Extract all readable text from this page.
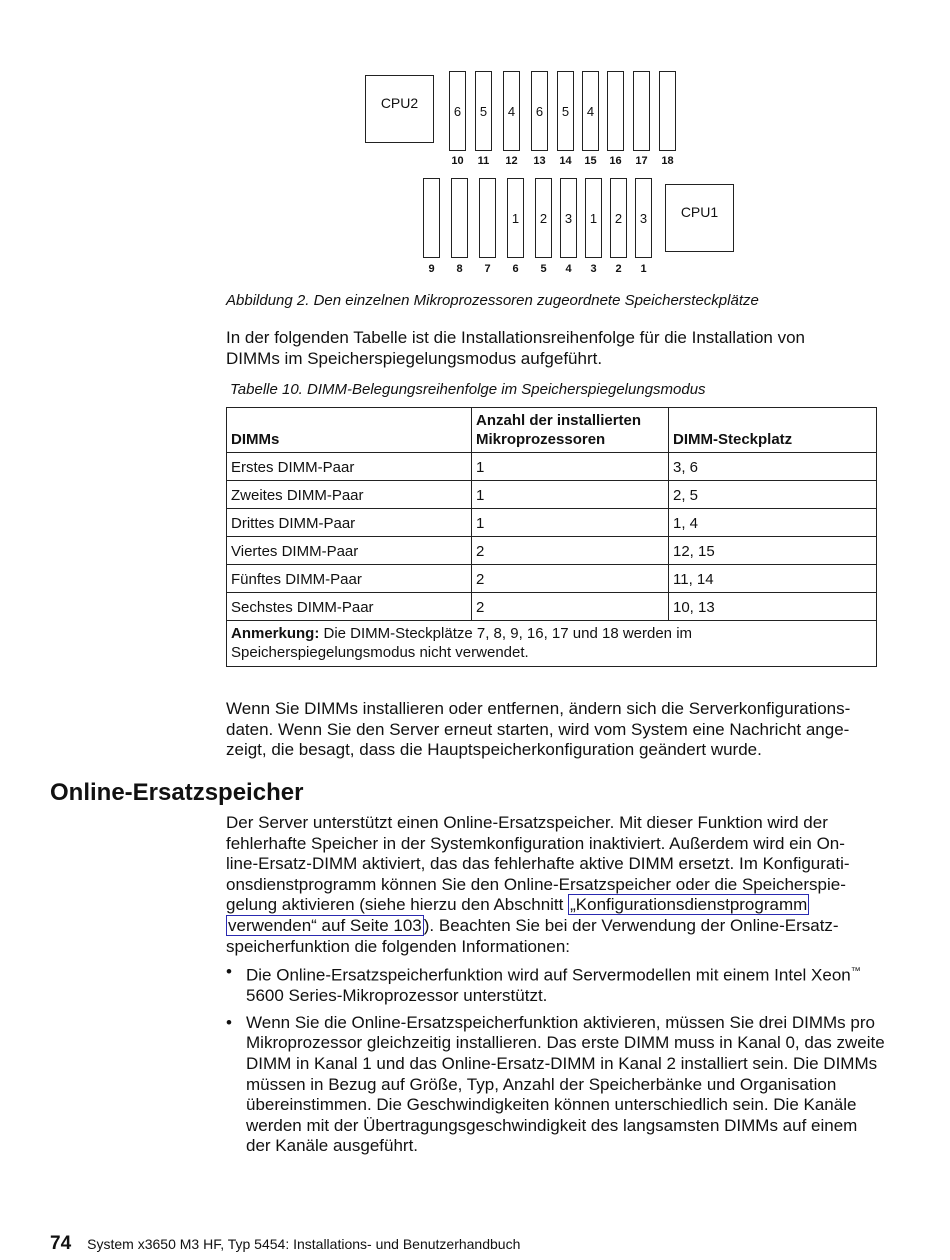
CPU2
CPU1
6
10
5
11
4
12
6
13
5
14
4
15	16	17	18
9	8	7
1
6
2
5
3
4
1
3
2
2
3
1
Abbildung 2. Den einzelnen Mikroprozessoren zugeordnete Speichersteckplätze
In der folgenden Tabelle ist die Installationsreihenfolge für die Installation von DIMMs im Speicherspiegelungsmodus aufgeführt.
Tabelle 10. DIMM-Belegungsreihenfolge im Speicherspiegelungsmodus
DIMMs	Anzahl der installierten Mikroprozessoren	DIMM-Steckplatz
Erstes DIMM-Paar	1	3, 6
Zweites DIMM-Paar	1	2, 5
Drittes DIMM-Paar	1	1, 4
Viertes DIMM-Paar	2	12, 15
Fünftes DIMM-Paar	2	11, 14
Sechstes DIMM-Paar	2	10, 13
Anmerkung: Die DIMM-Steckplätze 7, 8, 9, 16, 17 und 18 werden im Speicherspiegelungsmodus nicht verwendet.		
Wenn Sie DIMMs installieren oder entfernen, ändern sich die Serverkonfigurations-daten. Wenn Sie den Server erneut starten, wird vom System eine Nachricht ange-zeigt, die besagt, dass die Hauptspeicherkonfiguration geändert wurde.
Online-Ersatzspeicher
Der Server unterstützt einen Online-Ersatzspeicher. Mit dieser Funktion wird der fehlerhafte Speicher in der Systemkonfiguration inaktiviert. Außerdem wird ein On-line-Ersatz-DIMM aktiviert, das das fehlerhafte aktive DIMM ersetzt. Im Konfigurati-onsdienstprogramm können Sie den Online-Ersatzspeicher oder die Speicherspie-gelung aktivieren (siehe hierzu den Abschnitt „Konfigurationsdienstprogramm verwenden“ auf Seite 103 ). Beachten Sie bei der Verwendung der Online-Ersatz-speicherfunktion die folgenden Informationen:
• Die Online-Ersatzspeicherfunktion wird auf Servermodellen mit einem Intel Xeon™ 5600 Series-Mikroprozessor unterstützt.
• Wenn Sie die Online-Ersatzspeicherfunktion aktivieren, müssen Sie drei DIMMs pro Mikroprozessor gleichzeitig installieren. Das erste DIMM muss in Kanal 0, das zweite DIMM in Kanal 1 und das Online-Ersatz-DIMM in Kanal 2 installiert sein. Die DIMMs müssen in Bezug auf Größe, Typ, Anzahl der Speicherbänke und Organisation übereinstimmen. Die Geschwindigkeiten können unterschiedlich sein. Die Kanäle werden mit der Übertragungsgeschwindigkeit des langsamsten DIMMs auf einem der Kanäle ausgeführt.
74 System x3650 M3 HF, Typ 5454: Installations- und Benutzerhandbuch
